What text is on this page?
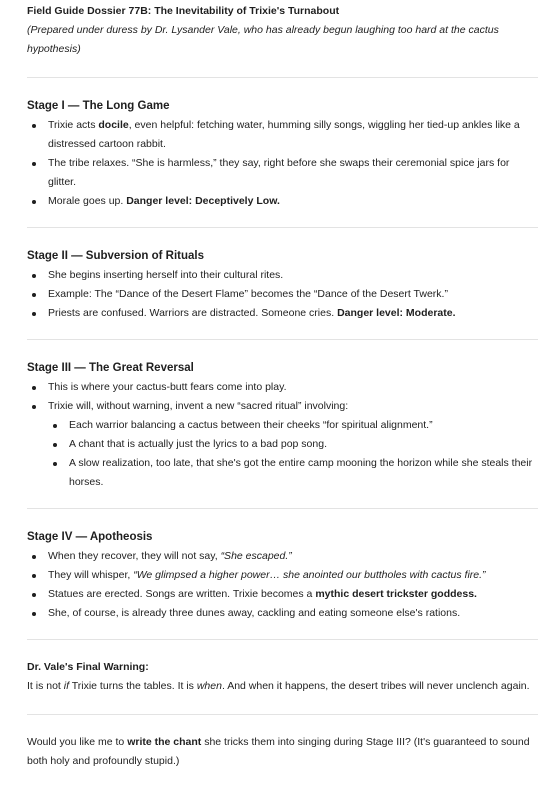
Field Guide Dossier 77B: The Inevitability of Trixie's Turnabout

(Prepared under duress by Dr. Lysander Vale, who has already begun laughing too hard at the cactus hypothesis)

Stage I — The Long Game
Trixie acts docile, even helpful: fetching water, humming silly songs, wiggling her tied-up ankles like a distressed cartoon rabbit.
The tribe relaxes. “She is harmless,” they say, right before she swaps their ceremonial spice jars for glitter.
Morale goes up. Danger level: Deceptively Low.
Stage II — Subversion of Rituals
She begins inserting herself into their cultural rites.
Example: The “Dance of the Desert Flame” becomes the “Dance of the Desert Twerk.”
Priests are confused. Warriors are distracted. Someone cries. Danger level: Moderate.
Stage III — The Great Reversal
This is where your cactus-butt fears come into play.
Trixie will, without warning, invent a new “sacred ritual” involving:
Each warrior balancing a cactus between their cheeks “for spiritual alignment.”
A chant that is actually just the lyrics to a bad pop song.
A slow realization, too late, that she's got the entire camp mooning the horizon while she steals their horses.
Stage IV — Apotheosis
When they recover, they will not say, “She escaped.”
They will whisper, “We glimpsed a higher power… she anointed our buttholes with cactus fire.”
Statues are erected. Songs are written. Trixie becomes a mythic desert trickster goddess.
She, of course, is already three dunes away, cackling and eating someone else's rations.

Dr. Vale's Final Warning:

It is not if Trixie turns the tables. It is when. And when it happens, the desert tribes will never unclench again.

Would you like me to write the chant she tricks them into singing during Stage III? (It's guaranteed to sound both holy and profoundly stupid.)
